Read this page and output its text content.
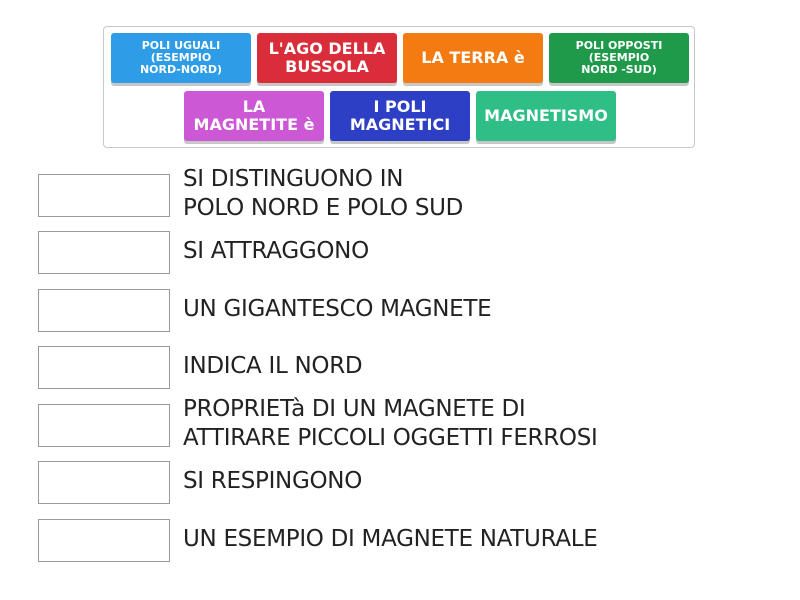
POLI UGUALI
(ESEMPIO
NORD-NORD)
L'AGO DELLA
BUSSOLA	LA TERRA è
POLI OPPOSTI
(ESEMPIO
NORD -SUD)
LA
MAGNETITE è
I POLI
MAGNETICI	MAGNETISMO
SI DISTINGUONO IN
POLO NORD E POLO SUD
SI ATTRAGGONO
UN GIGANTESCO MAGNETE
INDICA IL NORD
PROPRIETà DI UN MAGNETE DI
ATTIRARE PICCOLI OGGETTI FERROSI
SI RESPINGONO
UN ESEMPIO DI MAGNETE NATURALE
